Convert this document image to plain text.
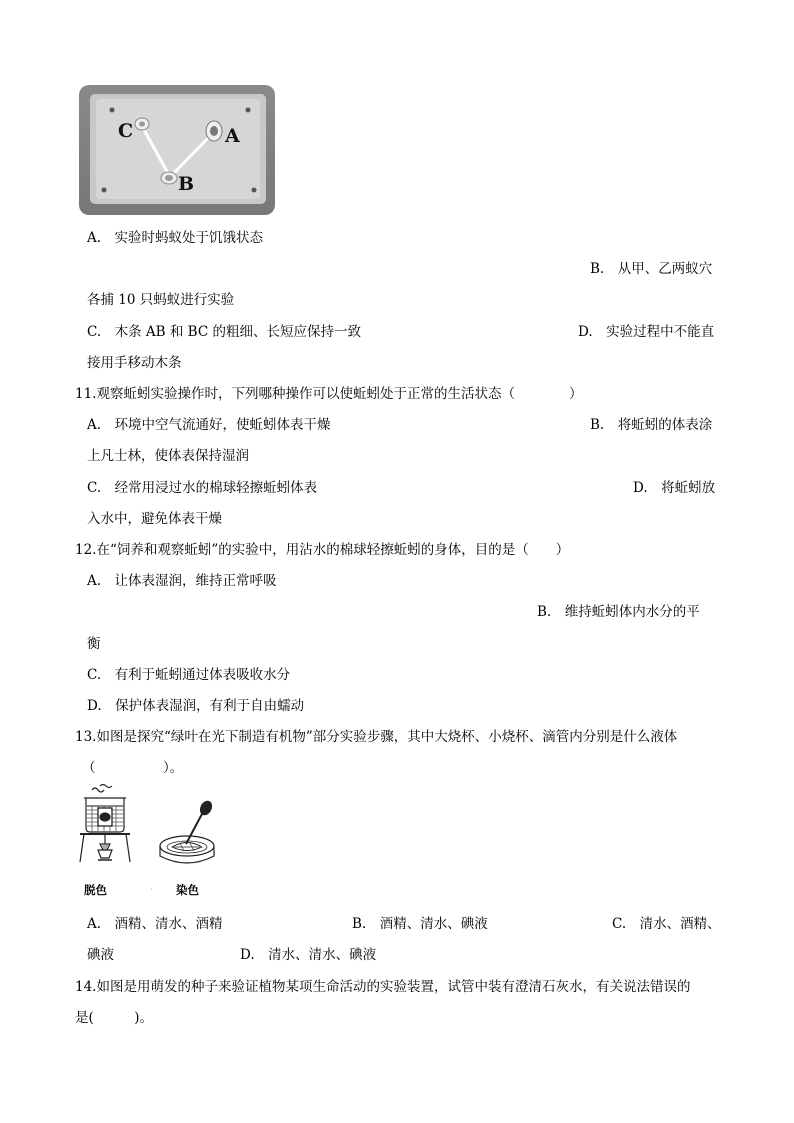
C	A
B
A.　实验时蚂蚁处于饥饿状态
B.　从甲、乙两蚁穴
各捕 10 只蚂蚁进行实验
C.　木条 AB 和 BC 的粗细、长短应保持一致	D.　实验过程中不能直
接用手移动木条
11.观察蚯蚓实验操作时，下列哪种操作可以使蚯蚓处于正常的生活状态（　　　　）
A.　环境中空气流通好，使蚯蚓体表干燥	B.　将蚯蚓的体表涂
上凡士林，使体表保持湿润
C.　经常用浸过水的棉球轻擦蚯蚓体表	D.　将蚯蚓放
入水中，避免体表干燥
12.在“饲养和观察蚯蚓”的实验中，用沾水的棉球轻擦蚯蚓的身体，目的是（　　）
A.　让体表湿润，维持正常呼吸
B.　维持蚯蚓体内水分的平
衡
C.　有利于蚯蚓通过体表吸收水分
D.　保护体表湿润，有利于自由蠕动
13.如图是探究“绿叶在光下制造有机物”部分实验步骤，其中大烧杯、小烧杯、滴管内分别是什么液体
（　　　　　）。
脱色	· 染色
A.　酒精、清水、酒精	B.　酒精、清水、碘液	C.　清水、酒精、
碘液	D.　清水、清水、碘液
14.如图是用萌发的种子来验证植物某项生命活动的实验装置，试管中装有澄清石灰水，有关说法错误的
是(　　　)。
